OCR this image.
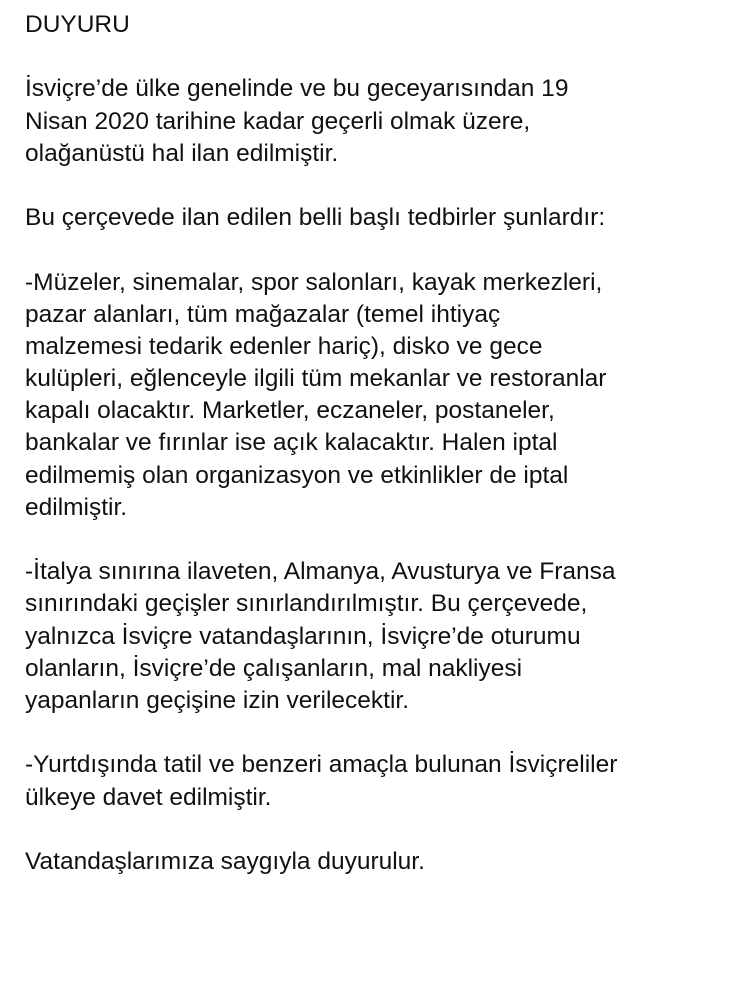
DUYURU
İsviçre’de ülke genelinde ve bu geceyarısından 19
Nisan 2020 tarihine kadar geçerli olmak üzere,
olağanüstü hal ilan edilmiştir.
Bu çerçevede ilan edilen belli başlı tedbirler şunlardır:
-Müzeler, sinemalar, spor salonları, kayak merkezleri,
pazar alanları, tüm mağazalar (temel ihtiyaç
malzemesi tedarik edenler hariç), disko ve gece
kulüpleri, eğlenceyle ilgili tüm mekanlar ve restoranlar
kapalı olacaktır. Marketler, eczaneler, postaneler,
bankalar ve fırınlar ise açık kalacaktır. Halen iptal
edilmemiş olan organizasyon ve etkinlikler de iptal
edilmiştir.
-İtalya sınırına ilaveten, Almanya, Avusturya ve Fransa
sınırındaki geçişler sınırlandırılmıştır. Bu çerçevede,
yalnızca İsviçre vatandaşlarının, İsviçre’de oturumu
olanların, İsviçre’de çalışanların, mal nakliyesi
yapanların geçişine izin verilecektir.
-Yurtdışında tatil ve benzeri amaçla bulunan İsviçreliler
ülkeye davet edilmiştir.
Vatandaşlarımıza saygıyla duyurulur.
